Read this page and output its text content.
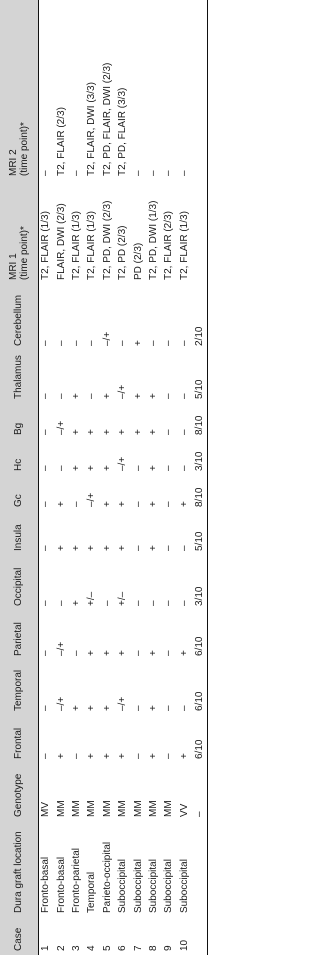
Case	Dura graft location	Genotype	Frontal	Temporal	Parietal	Occipital	Insula	Gc	Hc	Bg	Thalamus	Cerebellum	MRI 1 (time point)*	MRI 2 (time point)*

1	Fronto-basal	MV	–	–	–	–	–	–	–	–	–	–	T2, FLAIR (1/3)	–
2	Fronto-basal	MM	+	–/+	–/+	–	+	+	–	–/+	–	–	FLAIR, DWI (2/3)	T2, FLAIR (2/3)
3	Fronto-parietal	MM	–	+	–	+	+	–	+	+	+	–	T2, FLAIR (1/3)	–
4	Temporal	MM	+	+	+	+/–	+	–/+	+	+	–	–	T2, FLAIR (1/3)	T2, FLAIR, DWI (3/3)
5	Parieto-occipital	MM	+	+	+	–	+	+	+	+	+	–/+	T2, PD, DWI (2/3)	T2, PD, FLAIR, DWI (2/3)
6	Suboccipital	MM	+	–/+	+	+/–	+	+	–/+	+	–/+	–	T2, PD (2/3)	T2, PD, FLAIR (3/3)
7	Suboccipital	MM	–	–	–	–	–	–	–	+	+	+	PD (2/3)	–
8	Suboccipital	MM	+	+	+	–	+	+	+	+	+	–	T2, PD, DWI (1/3)	–
9	Suboccipital	MM	–	–	–	–	–	–	–	–	–	–	T2, FLAIR (2/3)	–
10	Suboccipital	VV	+	–	+	–	–	+	–	–	–	–	T2, FLAIR (1/3)	–
		–	6/10	6/10	6/10	3/10	5/10	8/10	3/10	8/10	5/10	2/10		
